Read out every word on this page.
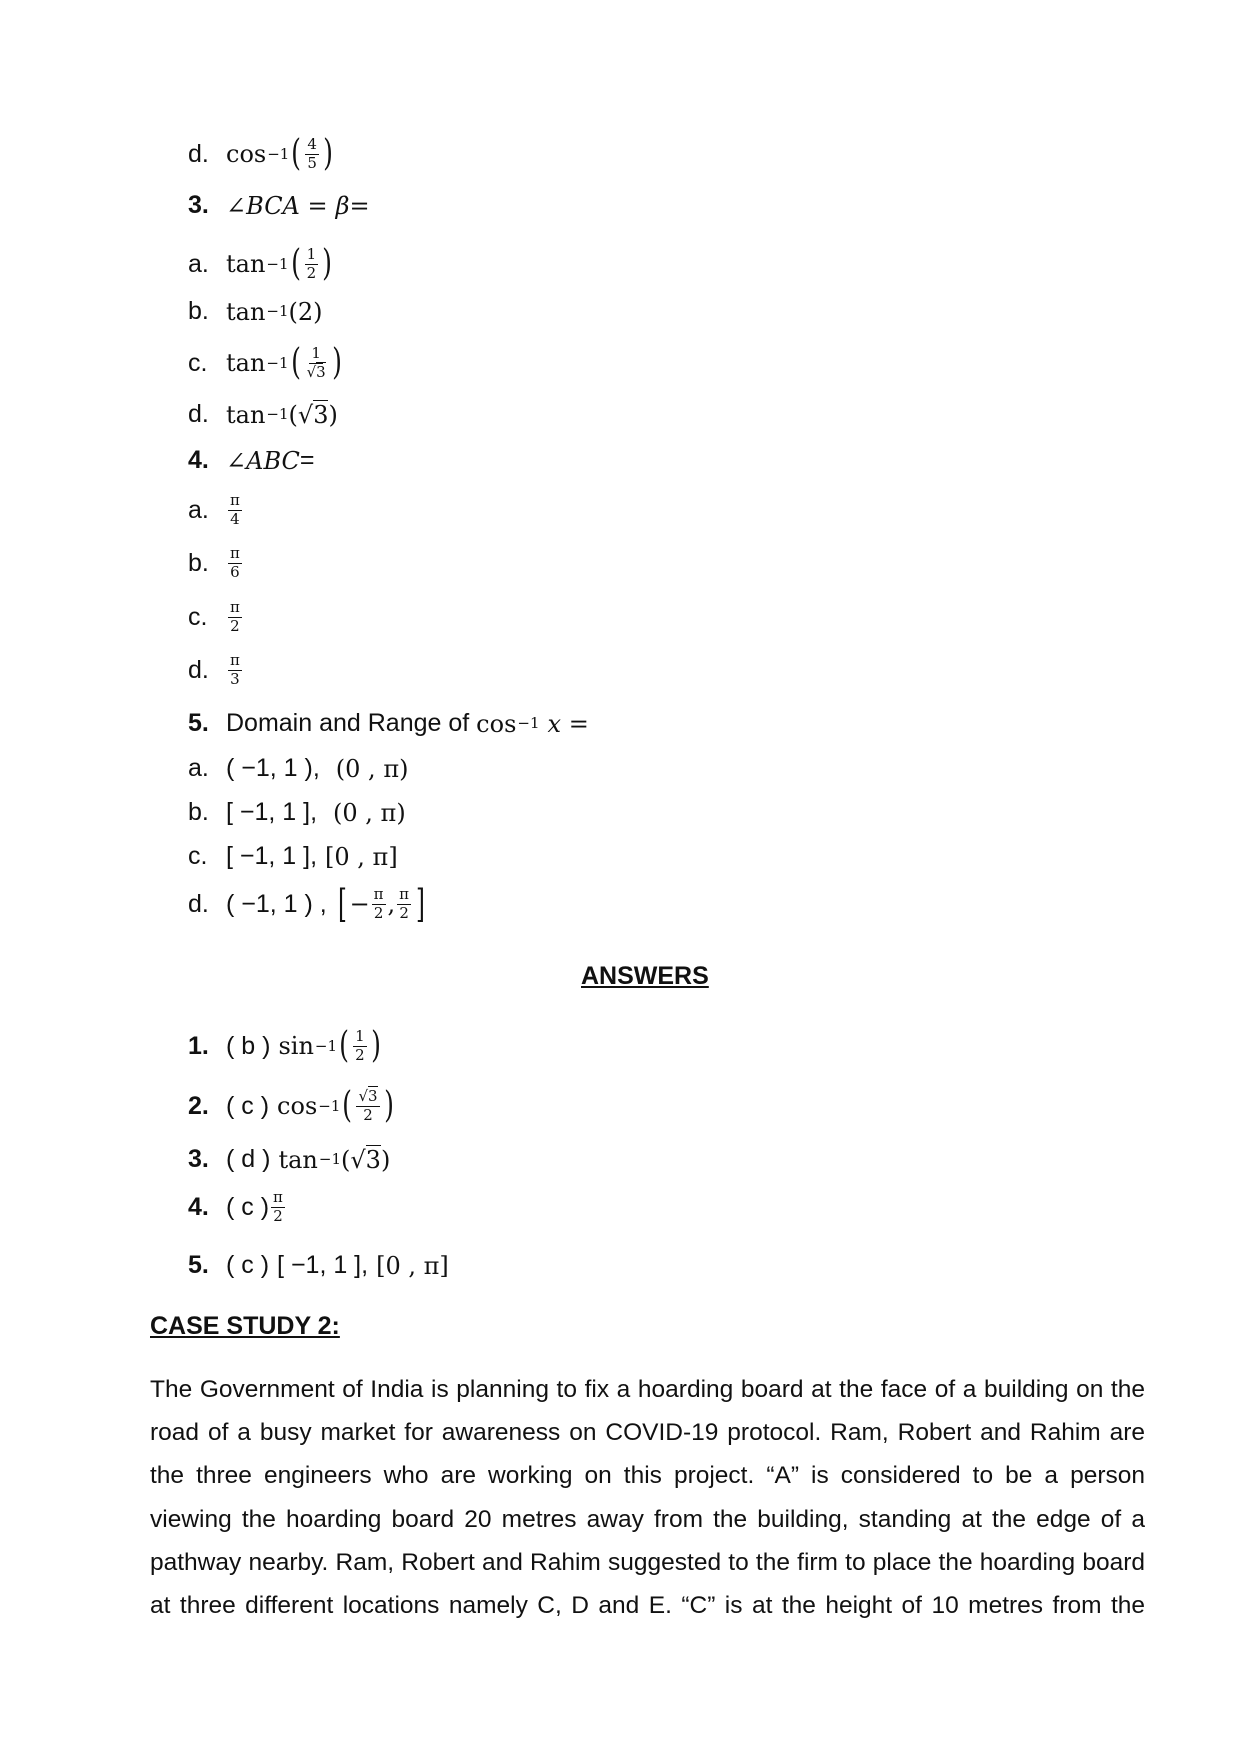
d. cos −1 ( $\frac{4}{5}$ )
3. ∠BCA = β =
a. tan −1 ( $\frac{1}{2}$ )
b. tan −1 (2)
c. tan −1 ( $\frac{1}{√3}$ )
d. tan −1 (√3)
4. ∠ABC =
a.	$\frac{\pi}{4}$
b.	$\frac{\pi}{6}$
c.	$\frac{\pi}{2}$
d.	$\frac{\pi}{3}$
5. Domain and Range of cos −1 x =
a. ( −1, 1 ), (0 , π)
b. [ −1, 1 ], (0 , π)
c. [ −1, 1 ], [0 , π]
d. ( −1, 1 ) , [ − $\frac{\pi}{2}$ , $\frac{\pi}{2}$ ]
ANSWERS
1. ( b ) sin −1 ( $\frac{1}{2}$ )
2. ( c ) cos −1 ( $\frac{√3}{2}$ )
3. ( d ) tan −1 (√3)
4. ( c ) $\frac{\pi}{2}$
5. ( c ) [ −1, 1 ], [0 , π]
CASE STUDY 2:
The Government of India is planning to fix a hoarding board at the face of a building on the
road of a busy market for awareness on COVID-19 protocol. Ram, Robert and Rahim are
the three engineers who are working on this project. “A” is considered to be a person
viewing the hoarding board 20 metres away from the building, standing at the edge of a
pathway nearby. Ram, Robert and Rahim suggested to the firm to place the hoarding board
at three different locations namely C, D and E. “C” is at the height of 10 metres from the
